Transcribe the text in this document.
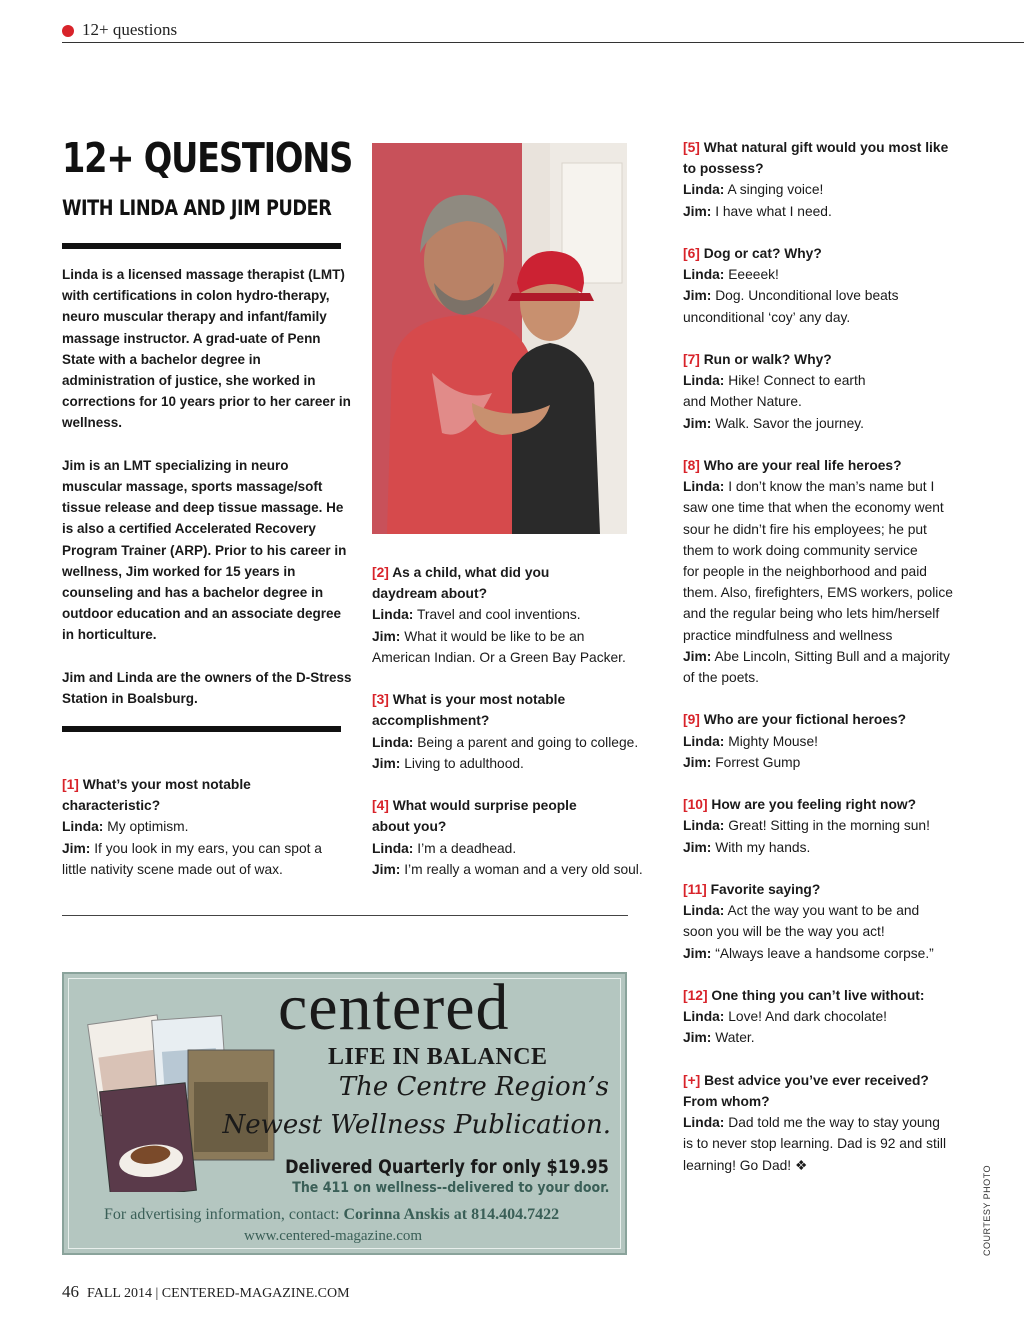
12+ questions
12+ QUESTIONS
WITH LINDA AND JIM PUDER

Linda is a licensed massage therapist (LMT) with certifications in colon hydro-therapy, neuro muscular therapy and infant/family massage instructor. A grad-uate of Penn State with a bachelor degree in administration of justice, she worked in corrections for 10 years prior to her career in wellness.

Jim is an LMT specializing in neuro muscular massage, sports massage/soft tissue release and deep tissue massage. He is also a certified Accelerated Recovery Program Trainer (ARP). Prior to his career in wellness, Jim worked for 15 years in counseling and has a bachelor degree in outdoor education and an associate degree in horticulture.

Jim and Linda are the owners of the D-Stress Station in Boalsburg.

[1] What’s your most notable
characteristic?
Linda: My optimism.
Jim: If you look in my ears, you can spot a
little nativity scene made out of wax.
[2] As a child, what did you
daydream about?
Linda: Travel and cool inventions.
Jim: What it would be like to be an
American Indian. Or a Green Bay Packer.
[3] What is your most notable
accomplishment?
Linda: Being a parent and going to college.
Jim: Living to adulthood.
[4] What would surprise people
about you?
Linda: I’m a deadhead.
Jim: I’m really a woman and a very old soul.
[5] What natural gift would you most like
to possess?
Linda: A singing voice!
Jim: I have what I need.
[6] Dog or cat? Why?
Linda: Eeeeek!
Jim: Dog. Unconditional love beats
unconditional ‘coy’ any day.
[7] Run or walk? Why?
Linda: Hike! Connect to earth
and Mother Nature.
Jim: Walk. Savor the journey.
[8] Who are your real life heroes?
Linda: I don’t know the man’s name but I
saw one time that when the economy went
sour he didn’t fire his employees; he put
them to work doing community service
for people in the neighborhood and paid
them. Also, firefighters, EMS workers, police
and the regular being who lets him/herself
practice mindfulness and wellness
Jim: Abe Lincoln, Sitting Bull and a majority
of the poets.
[9] Who are your fictional heroes?
Linda: Mighty Mouse!
Jim: Forrest Gump
[10] How are you feeling right now?
Linda: Great! Sitting in the morning sun!
Jim: With my hands.
[11] Favorite saying?
Linda: Act the way you want to be and
soon you will be the way you act!
Jim: “Always leave a handsome corpse.”
[12] One thing you can’t live without:
Linda: Love! And dark chocolate!
Jim: Water.
[+] Best advice you’ve ever received?
From whom?
Linda: Dad told me the way to stay young
is to never stop learning. Dad is 92 and still
learning! Go Dad! ❖
centered
LIFE IN BALANCE
The Centre Region’s
Newest Wellness Publication.
Delivered Quarterly for only $19.95
The 411 on wellness--delivered to your door.
For advertising information, contact: Corinna Anskis at 814.404.7422
www.centered-magazine.com
46 FALL 2014 | CENTERED-MAGAZINE.COM
COURTESY PHOTO
